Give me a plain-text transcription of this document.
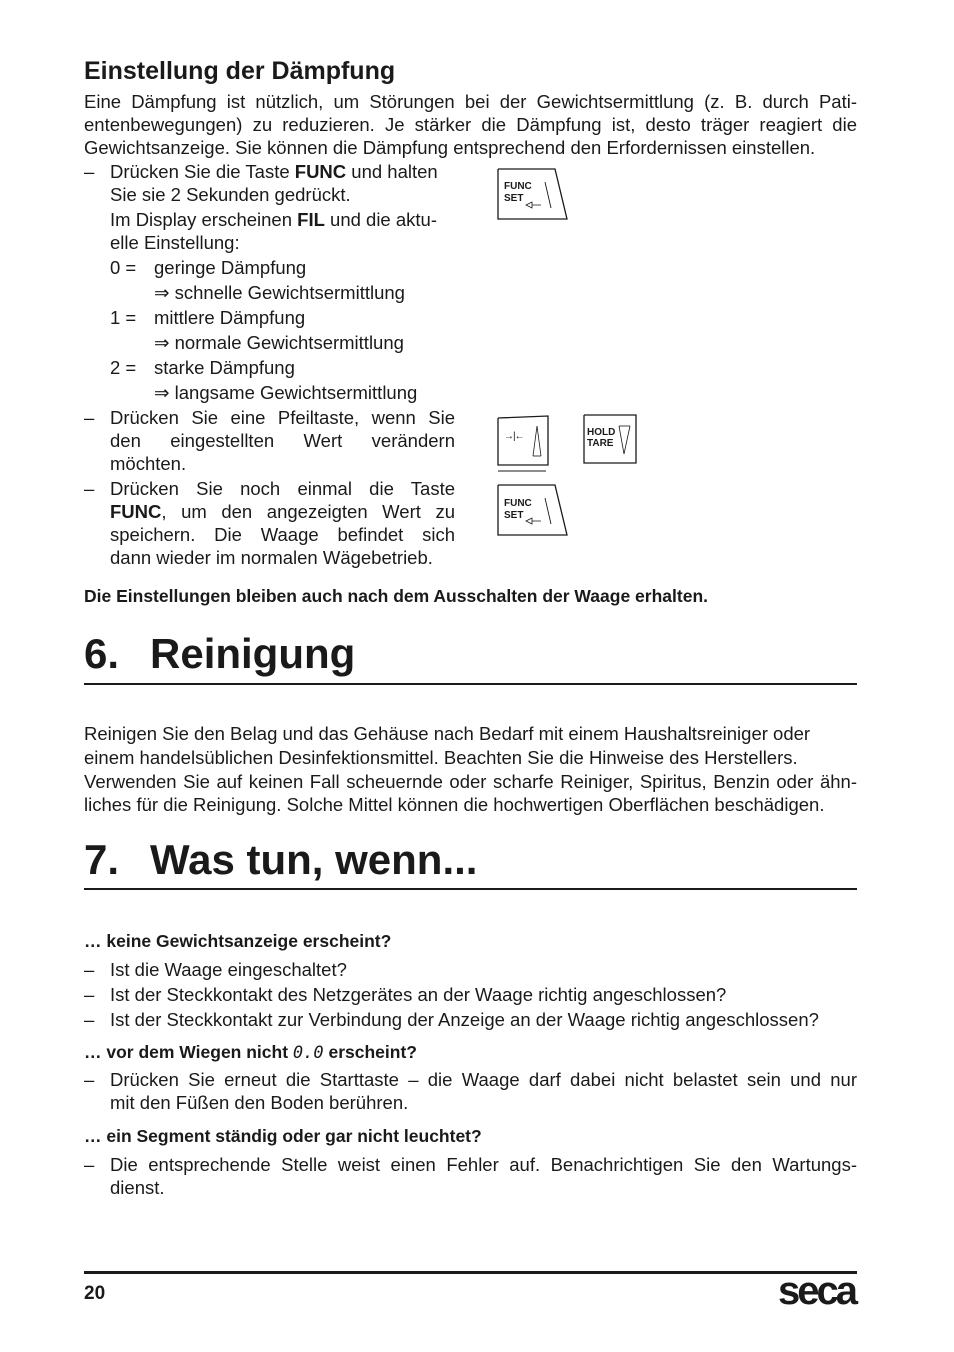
Einstellung der Dämpfung
Eine Dämpfung ist nützlich, um Störungen bei der Gewichtsermittlung (z. B. durch Pati-
entenbewegungen) zu reduzieren. Je stärker die Dämpfung ist, desto träger reagiert die
Gewichtsanzeige. Sie können die Dämpfung entsprechend den Erfordernissen einstellen.
– Drücken Sie die Taste FUNC und halten
Sie sie 2 Sekunden gedrückt.
Im Display erscheinen FIL und die aktu-
elle Einstellung:
0 = geringe Dämpfung
⇒ schnelle Gewichtsermittlung
1 = mittlere Dämpfung
⇒ normale Gewichtsermittlung
2 = starke Dämpfung
⇒ langsame Gewichtsermittlung
– Drücken Sie eine Pfeiltaste, wenn Sie
den eingestellten Wert verändern
möchten.
– Drücken Sie noch einmal die Taste
FUNC, um den angezeigten Wert zu
speichern. Die Waage befindet sich
dann wieder im normalen Wägebetrieb.
FUNC
SET
→|←	HOLD
TARE
FUNC
SET
Die Einstellungen bleiben auch nach dem Ausschalten der Waage erhalten.
6. Reinigung
Reinigen Sie den Belag und das Gehäuse nach Bedarf mit einem Haushaltsreiniger oder
einem handelsüblichen Desinfektionsmittel. Beachten Sie die Hinweise des Herstellers.
Verwenden Sie auf keinen Fall scheuernde oder scharfe Reiniger, Spiritus, Benzin oder ähn-
liches für die Reinigung. Solche Mittel können die hochwertigen Oberflächen beschädigen.
7. Was tun, wenn...
… keine Gewichtsanzeige erscheint?
– Ist die Waage eingeschaltet?
– Ist der Steckkontakt des Netzgerätes an der Waage richtig angeschlossen?
– Ist der Steckkontakt zur Verbindung der Anzeige an der Waage richtig angeschlossen?
… vor dem Wiegen nicht 0.0 erscheint?
– Drücken Sie erneut die Starttaste – die Waage darf dabei nicht belastet sein und nur
mit den Füßen den Boden berühren.
… ein Segment ständig oder gar nicht leuchtet?
– Die entsprechende Stelle weist einen Fehler auf. Benachrichtigen Sie den Wartungs-
dienst.
20	seca
